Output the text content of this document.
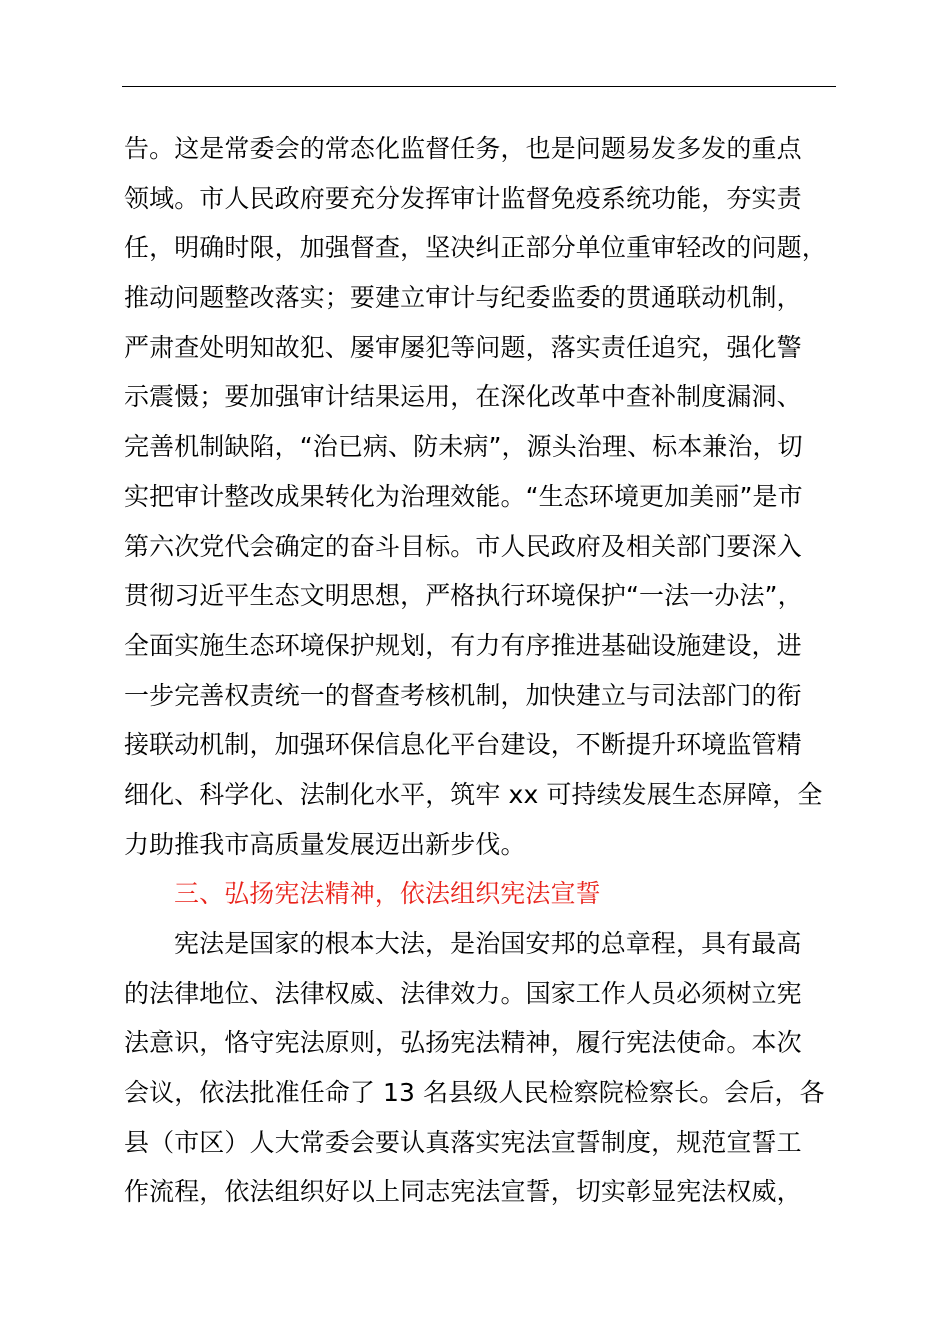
告。这是常委会的常态化监督任务，也是问题易发多发的重点
领域。市人民政府要充分发挥审计监督免疫系统功能，夯实责
任，明确时限，加强督查，坚决纠正部分单位重审轻改的问题，
推动问题整改落实；要建立审计与纪委监委的贯通联动机制，
严肃查处明知故犯、屡审屡犯等问题，落实责任追究，强化警
示震慑；要加强审计结果运用，在深化改革中查补制度漏洞、
完善机制缺陷，“治已病、防未病”，源头治理、标本兼治，切
实把审计整改成果转化为治理效能。“生态环境更加美丽”是市
第六次党代会确定的奋斗目标。市人民政府及相关部门要深入
贯彻习近平生态文明思想，严格执行环境保护“一法一办法”，
全面实施生态环境保护规划，有力有序推进基础设施建设，进
一步完善权责统一的督查考核机制，加快建立与司法部门的衔
接联动机制，加强环保信息化平台建设，不断提升环境监管精
细化、科学化、法制化水平，筑牢 xx 可持续发展生态屏障，全
力助推我市高质量发展迈出新步伐。
三、弘扬宪法精神，依法组织宪法宣誓
宪法是国家的根本大法，是治国安邦的总章程，具有最高
的法律地位、法律权威、法律效力。国家工作人员必须树立宪
法意识，恪守宪法原则，弘扬宪法精神，履行宪法使命。本次
会议，依法批准任命了 13 名县级人民检察院检察长。会后，各
县（市区）人大常委会要认真落实宪法宣誓制度，规范宣誓工
作流程，依法组织好以上同志宪法宣誓，切实彰显宪法权威，
